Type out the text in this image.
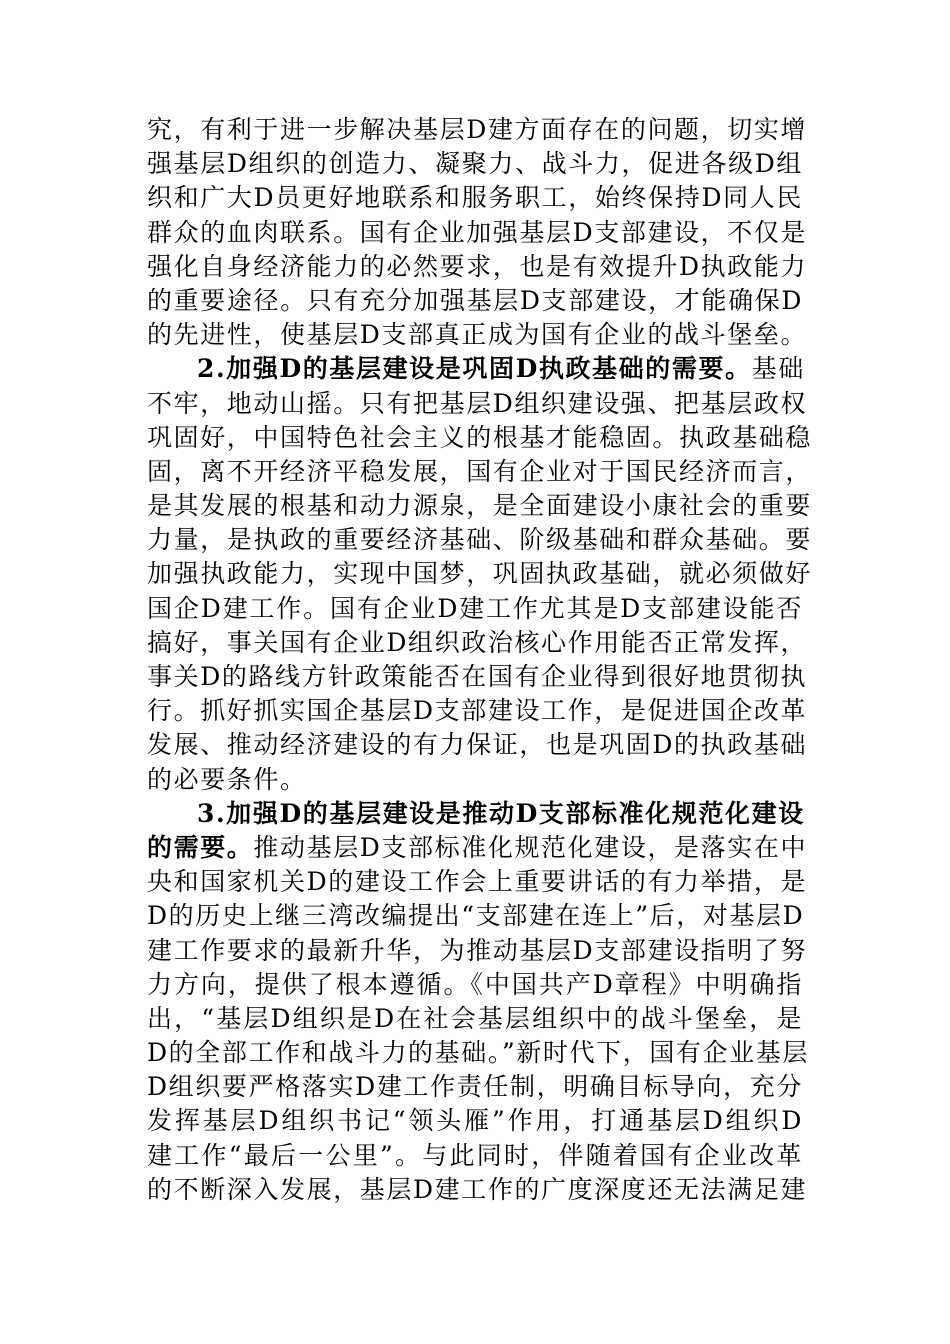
究，有利于进一步解决基层D建方面存在的问题，切实增
强基层D组织的创造力、凝聚力、战斗力，促进各级D组
织和广大D员更好地联系和服务职工，始终保持D同人民
群众的血肉联系。国有企业加强基层D支部建设，不仅是
强化自身经济能力的必然要求，也是有效提升D执政能力
的重要途径。只有充分加强基层D支部建设，才能确保D
的先进性，使基层D支部真正成为国有企业的战斗堡垒。
2.加强D的基层建设是巩固D执政基础的需要。基础
不牢，地动山摇。只有把基层D组织建设强、把基层政权
巩固好，中国特色社会主义的根基才能稳固。执政基础稳
固，离不开经济平稳发展，国有企业对于国民经济而言，
是其发展的根基和动力源泉，是全面建设小康社会的重要
力量，是执政的重要经济基础、阶级基础和群众基础。要
加强执政能力，实现中国梦，巩固执政基础，就必须做好
国企D建工作。国有企业D建工作尤其是D支部建设能否
搞好，事关国有企业D组织政治核心作用能否正常发挥，
事关D的路线方针政策能否在国有企业得到很好地贯彻执
行。抓好抓实国企基层D支部建设工作，是促进国企改革
发展、推动经济建设的有力保证，也是巩固D的执政基础
的必要条件。
3.加强D的基层建设是推动D支部标准化规范化建设
的需要。推动基层D支部标准化规范化建设，是落实在中
央和国家机关D的建设工作会上重要讲话的有力举措，是
D的历史上继三湾改编提出“支部建在连上”后，对基层D
建工作要求的最新升华，为推动基层D支部建设指明了努
力方向，提供了根本遵循。《中国共产D章程》中明确指
出，“基层D组织是D在社会基层组织中的战斗堡垒，是
D的全部工作和战斗力的基础。”新时代下，国有企业基层
D组织要严格落实D建工作责任制，明确目标导向，充分
发挥基层D组织书记“领头雁”作用，打通基层D组织D
建工作“最后一公里”。与此同时，伴随着国有企业改革
的不断深入发展，基层D建工作的广度深度还无法满足建
